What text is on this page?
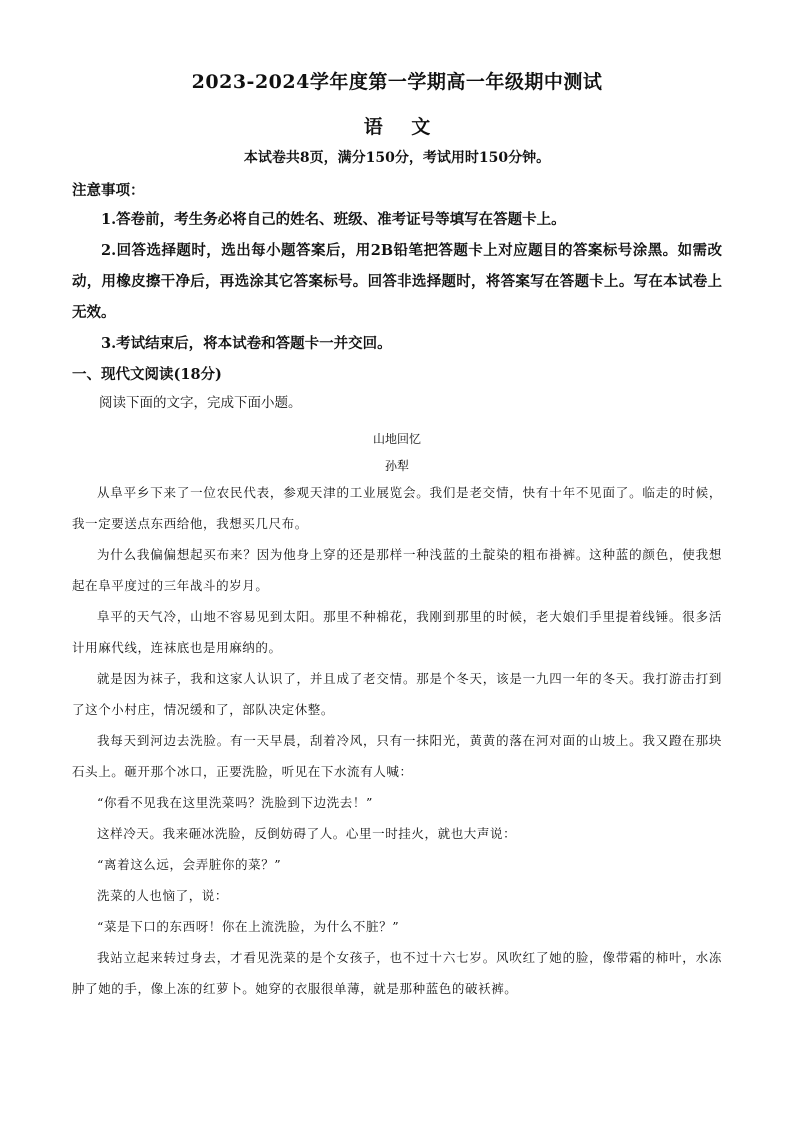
2023-2024学年度第一学期高一年级期中测试
语 文
本试卷共8页，满分150分，考试用时150分钟。
注意事项：

1.答卷前，考生务必将自己的姓名、班级、准考证号等填写在答题卡上。

2.回答选择题时，选出每小题答案后，用2B铅笔把答题卡上对应题目的答案标号涂黑。如需改动，用橡皮擦干净后，再选涂其它答案标号。回答非选择题时，将答案写在答题卡上。写在本试卷上无效。

3.考试结束后，将本试卷和答题卡一并交回。

一、现代文阅读(18分)
阅读下面的文字，完成下面小题。
山地回忆
孙犁

从阜平乡下来了一位农民代表，参观天津的工业展览会。我们是老交情，快有十年不见面了。临走的时候，我一定要送点东西给他，我想买几尺布。

为什么我偏偏想起买布来？因为他身上穿的还是那样一种浅蓝的土靛染的粗布褂裤。这种蓝的颜色，使我想起在阜平度过的三年战斗的岁月。

阜平的天气冷，山地不容易见到太阳。那里不种棉花，我刚到那里的时候，老大娘们手里提着线锤。很多活计用麻代线，连袜底也是用麻纳的。

就是因为袜子，我和这家人认识了，并且成了老交情。那是个冬天，该是一九四一年的冬天。我打游击打到了这个小村庄，情况缓和了，部队决定休整。

我每天到河边去洗脸。有一天早晨，刮着冷风，只有一抹阳光，黄黄的落在河对面的山坡上。我又蹬在那块石头上。砸开那个冰口，正要洗脸，听见在下水流有人喊：

“你看不见我在这里洗菜吗？洗脸到下边洗去！”

这样冷天。我来砸冰洗脸，反倒妨碍了人。心里一时挂火，就也大声说：

“离着这么远，会弄脏你的菜？”

洗菜的人也恼了，说：

“菜是下口的东西呀！你在上流洗脸，为什么不脏？”

我站立起来转过身去，才看见洗菜的是个女孩子，也不过十六七岁。风吹红了她的脸，像带霜的柿叶，水冻肿了她的手，像上冻的红萝卜。她穿的衣服很单薄，就是那种蓝色的破袄裤。
